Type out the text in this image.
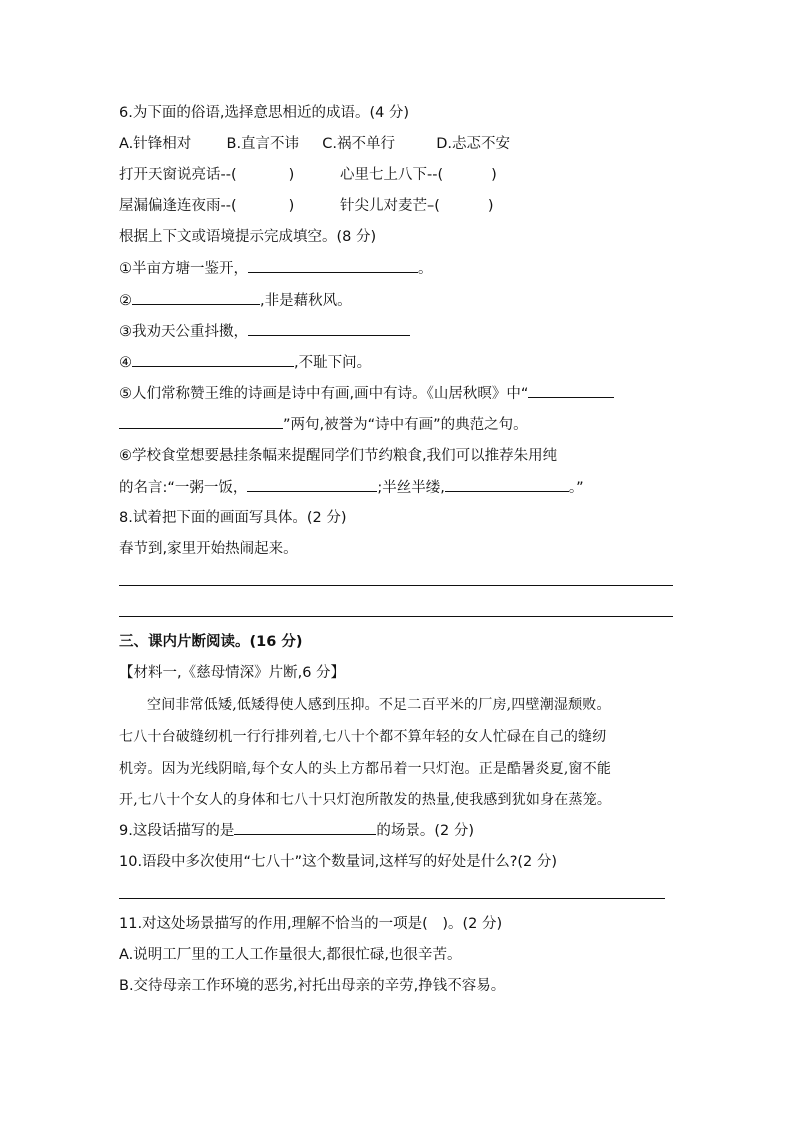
6.为下面的俗语,选择意思相近的成语。(4 分)
A.针锋相对 B.直言不讳 C.祸不单行	D.忐忑不安
打开天窗说亮话--(	)	心里七上八下--(	)
屋漏偏逢连夜雨--(	)	针尖儿对麦芒–(	)
根据上下文或语境提示完成填空。(8 分)
①半亩方塘一鉴开，	。
②	,非是藉秋风。
③我劝天公重抖擞，
④	,不耻下问。
⑤人们常称赞王维的诗画是诗中有画,画中有诗。《山居秋暝》中“
”两句,被誉为“诗中有画”的典范之句。
⑥学校食堂想要悬挂条幅来提醒同学们节约粮食,我们可以推荐朱用纯
的名言:“一粥一饭，	;半丝半缕,	。”
8.试着把下面的画面写具体。(2 分)
春节到,家里开始热闹起来。
三、课内片断阅读。(16 分)
【材料一,《慈母情深》片断,6 分】
空间非常低矮,低矮得使人感到压抑。不足二百平米的厂房,四壁潮湿颓败。
七八十台破缝纫机一行行排列着,七八十个都不算年轻的女人忙碌在自己的缝纫
机旁。因为光线阴暗,每个女人的头上方都吊着一只灯泡。正是酷暑炎夏,窗不能
开,七八十个女人的身体和七八十只灯泡所散发的热量,使我感到犹如身在蒸笼。
9.这段话描写的是	的场景。(2 分)
10.语段中多次使用“七八十”这个数量词,这样写的好处是什么?(2 分)
11.对这处场景描写的作用,理解不恰当的一项是(　)。(2 分)
A.说明工厂里的工人工作量很大,都很忙碌,也很辛苦。
B.交待母亲工作环境的恶劣,衬托出母亲的辛劳,挣钱不容易。
